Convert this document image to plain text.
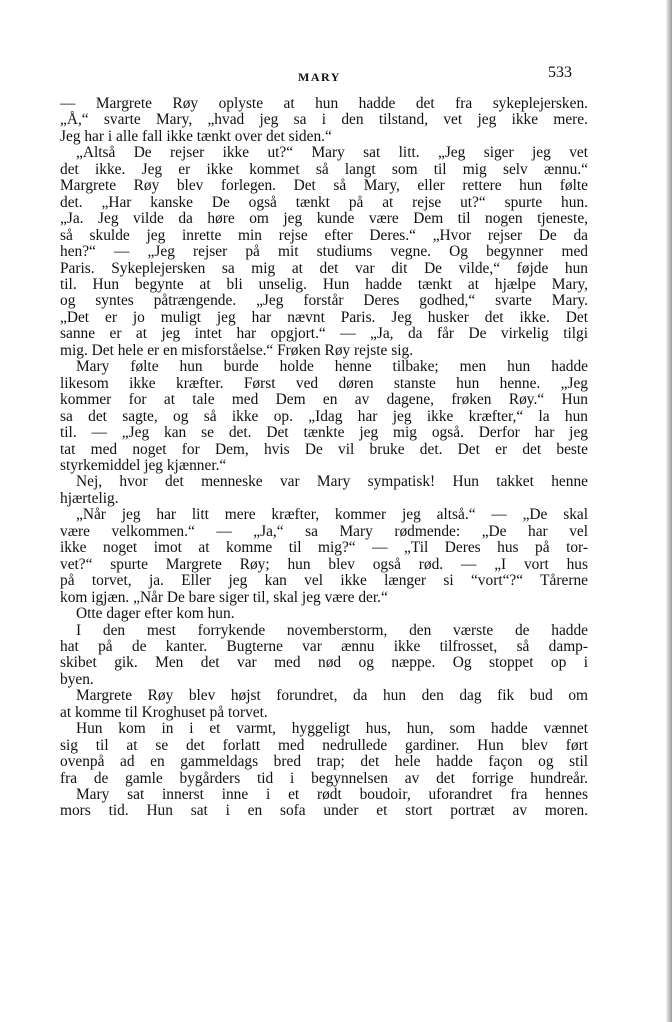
MARY	533
— Margrete Røy oplyste at hun hadde det fra sykeplejersken.
„Å,“ svarte Mary, „hvad jeg sa i den tilstand, vet jeg ikke mere.
Jeg har i alle fall ikke tænkt over det siden.“
„Altså De rejser ikke ut?“ Mary sat litt. „Jeg siger jeg vet
det ikke. Jeg er ikke kommet så langt som til mig selv ænnu.“
Margrete Røy blev forlegen. Det så Mary, eller rettere hun følte
det. „Har kanske De også tænkt på at rejse ut?“ spurte hun.
„Ja. Jeg vilde da høre om jeg kunde være Dem til nogen tjeneste,
så skulde jeg inrette min rejse efter Deres.“ „Hvor rejser De da
hen?“ — „Jeg rejser på mit studiums vegne. Og begynner med
Paris. Sykeplejersken sa mig at det var dit De vilde,“ føjde hun
til. Hun begynte at bli unselig. Hun hadde tænkt at hjælpe Mary,
og syntes påtrængende. „Jeg forstår Deres godhed,“ svarte Mary.
„Det er jo muligt jeg har nævnt Paris. Jeg husker det ikke. Det
sanne er at jeg intet har opgjort.“ — „Ja, da får De virkelig tilgi
mig. Det hele er en misforståelse.“ Frøken Røy rejste sig.
Mary følte hun burde holde henne tilbake; men hun hadde
likesom ikke kræfter. Først ved døren stanste hun henne. „Jeg
kommer for at tale med Dem en av dagene, frøken Røy.“ Hun
sa det sagte, og så ikke op. „Idag har jeg ikke kræfter,“ la hun
til. — „Jeg kan se det. Det tænkte jeg mig også. Derfor har jeg
tat med noget for Dem, hvis De vil bruke det. Det er det beste
styrkemiddel jeg kjænner.“
Nej, hvor det menneske var Mary sympatisk! Hun takket henne
hjærtelig.
„Når jeg har litt mere kræfter, kommer jeg altså.“ — „De skal
være velkommen.“ — „Ja,“ sa Mary rødmende: „De har vel
ikke noget imot at komme til mig?“ — „Til Deres hus på tor-
vet?“ spurte Margrete Røy; hun blev også rød. — „I vort hus
på torvet, ja. Eller jeg kan vel ikke længer si “vort“?“ Tårerne
kom igjæn. „Når De bare siger til, skal jeg være der.“
Otte dager efter kom hun.
I den mest forrykende novemberstorm, den værste de hadde
hat på de kanter. Bugterne var ænnu ikke tilfrosset, så damp-
skibet gik. Men det var med nød og næppe. Og stoppet op i
byen.
Margrete Røy blev højst forundret, da hun den dag fik bud om
at komme til Kroghuset på torvet.
Hun kom in i et varmt, hyggeligt hus, hun, som hadde vænnet
sig til at se det forlatt med nedrullede gardiner. Hun blev ført
ovenpå ad en gammeldags bred trap; det hele hadde façon og stil
fra de gamle bygårders tid i begynnelsen av det forrige hundreår.
Mary sat innerst inne i et rødt boudoir, uforandret fra hennes
mors tid. Hun sat i en sofa under et stort portræt av moren.
